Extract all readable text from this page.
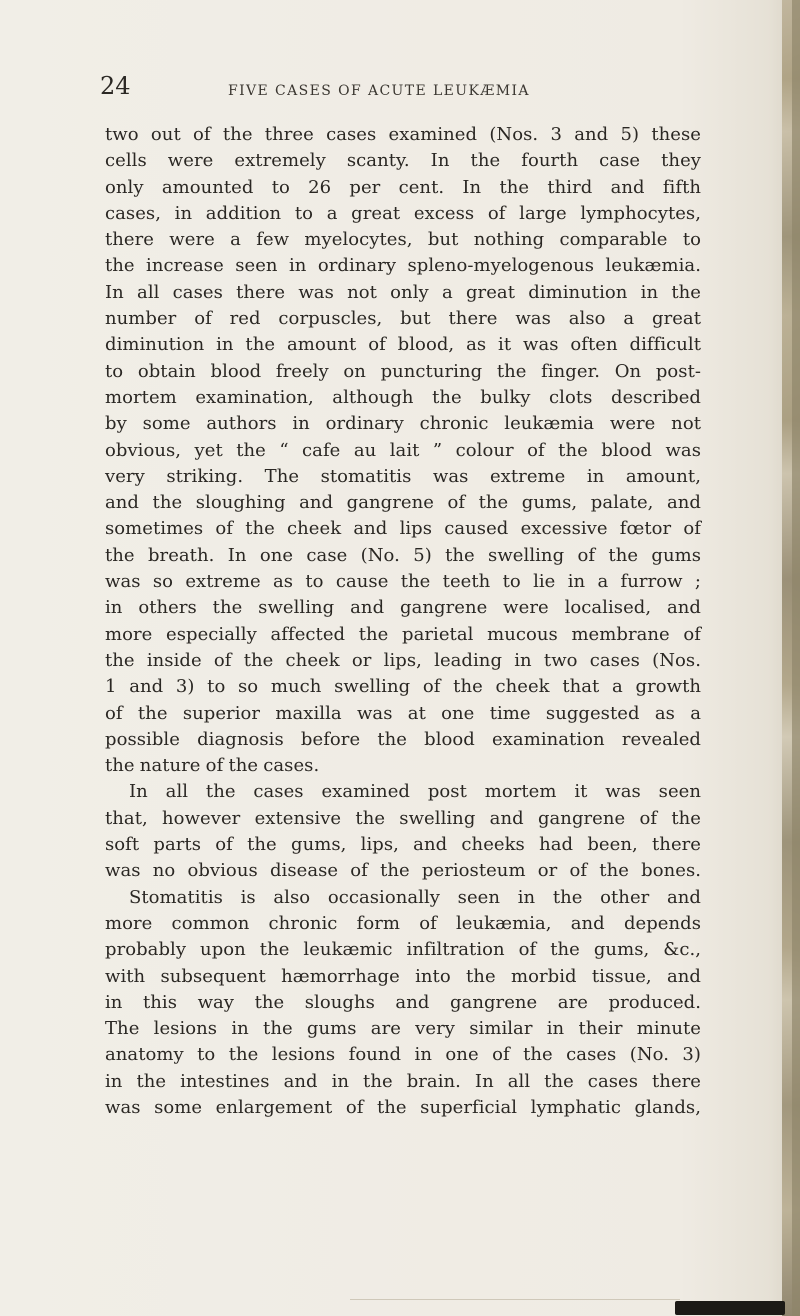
24	FIVE CASES OF ACUTE LEUKÆMIA
two out of the three cases examined (Nos. 3 and 5) these
cells were extremely scanty. In the fourth case they
only amounted to 26 per cent. In the third and fifth
cases, in addition to a great excess of large lymphocytes,
there were a few myelocytes, but nothing comparable to
the increase seen in ordinary spleno-myelogenous leukæmia.
In all cases there was not only a great diminution in the
number of red corpuscles, but there was also a great
diminution in the amount of blood, as it was often difficult
to obtain blood freely on puncturing the finger. On post-
mortem examination, although the bulky clots described
by some authors in ordinary chronic leukæmia were not
obvious, yet the “ cafe au lait ” colour of the blood was
very striking. The stomatitis was extreme in amount,
and the sloughing and gangrene of the gums, palate, and
sometimes of the cheek and lips caused excessive fœtor of
the breath. In one case (No. 5) the swelling of the gums
was so extreme as to cause the teeth to lie in a furrow ;
in others the swelling and gangrene were localised, and
more especially affected the parietal mucous membrane of
the inside of the cheek or lips, leading in two cases (Nos.
1 and 3) to so much swelling of the cheek that a growth
of the superior maxilla was at one time suggested as a
possible diagnosis before the blood examination revealed
the nature of the cases.
In all the cases examined post mortem it was seen
that, however extensive the swelling and gangrene of the
soft parts of the gums, lips, and cheeks had been, there
was no obvious disease of the periosteum or of the bones.
Stomatitis is also occasionally seen in the other and
more common chronic form of leukæmia, and depends
probably upon the leukæmic infiltration of the gums, &c.,
with subsequent hæmorrhage into the morbid tissue, and
in this way the sloughs and gangrene are produced.
The lesions in the gums are very similar in their minute
anatomy to the lesions found in one of the cases (No. 3)
in the intestines and in the brain. In all the cases there
was some enlargement of the superficial lymphatic glands,
